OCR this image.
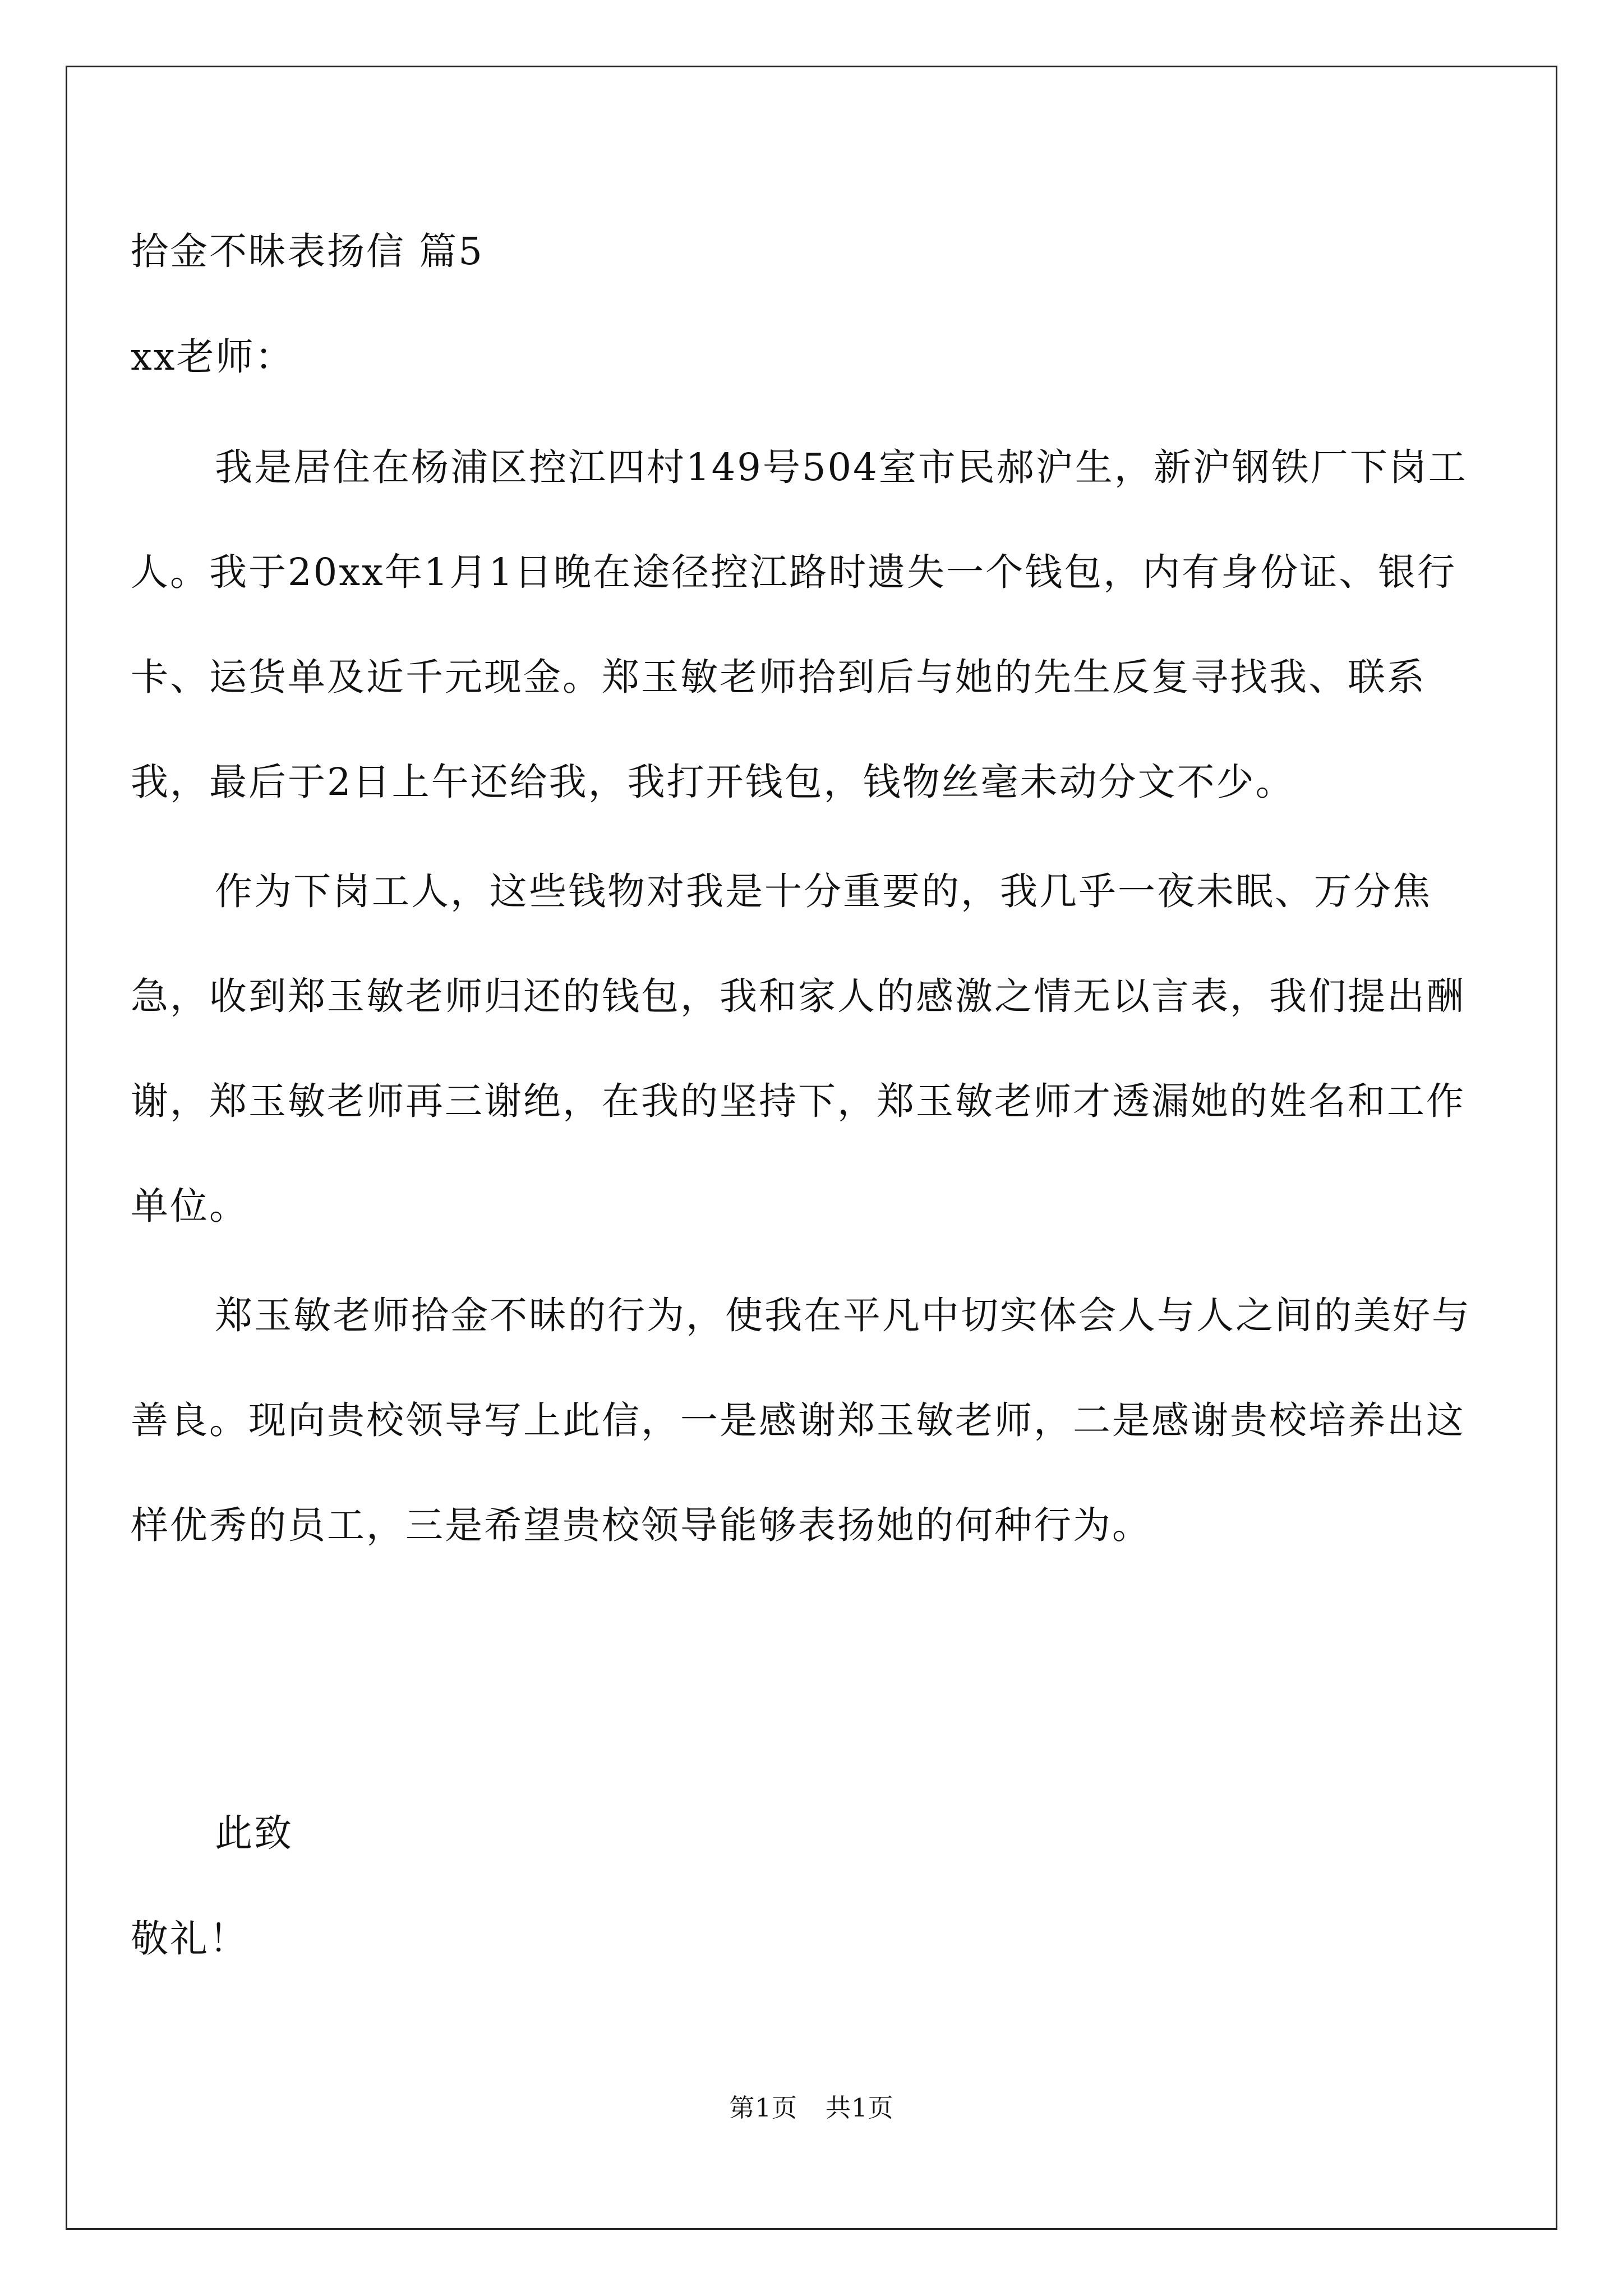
拾金不昧表扬信 篇5
xx老师：

我是居住在杨浦区控江四村149号504室市民郝沪生，新沪钢铁厂下岗工人。我于20xx年1月1日晚在途径控江路时遗失一个钱包，内有身份证、银行卡、运货单及近千元现金。郑玉敏老师拾到后与她的先生反复寻找我、联系我，最后于2日上午还给我，我打开钱包，钱物丝毫未动分文不少。

作为下岗工人，这些钱物对我是十分重要的，我几乎一夜未眠、万分焦急，收到郑玉敏老师归还的钱包，我和家人的感激之情无以言表，我们提出酬谢，郑玉敏老师再三谢绝，在我的坚持下，郑玉敏老师才透漏她的姓名和工作单位。

郑玉敏老师拾金不昧的行为，使我在平凡中切实体会人与人之间的美好与善良。现向贵校领导写上此信，一是感谢郑玉敏老师，二是感谢贵校培养出这样优秀的员工，三是希望贵校领导能够表扬她的何种行为。

此致
敬礼！
第1页 共1页
